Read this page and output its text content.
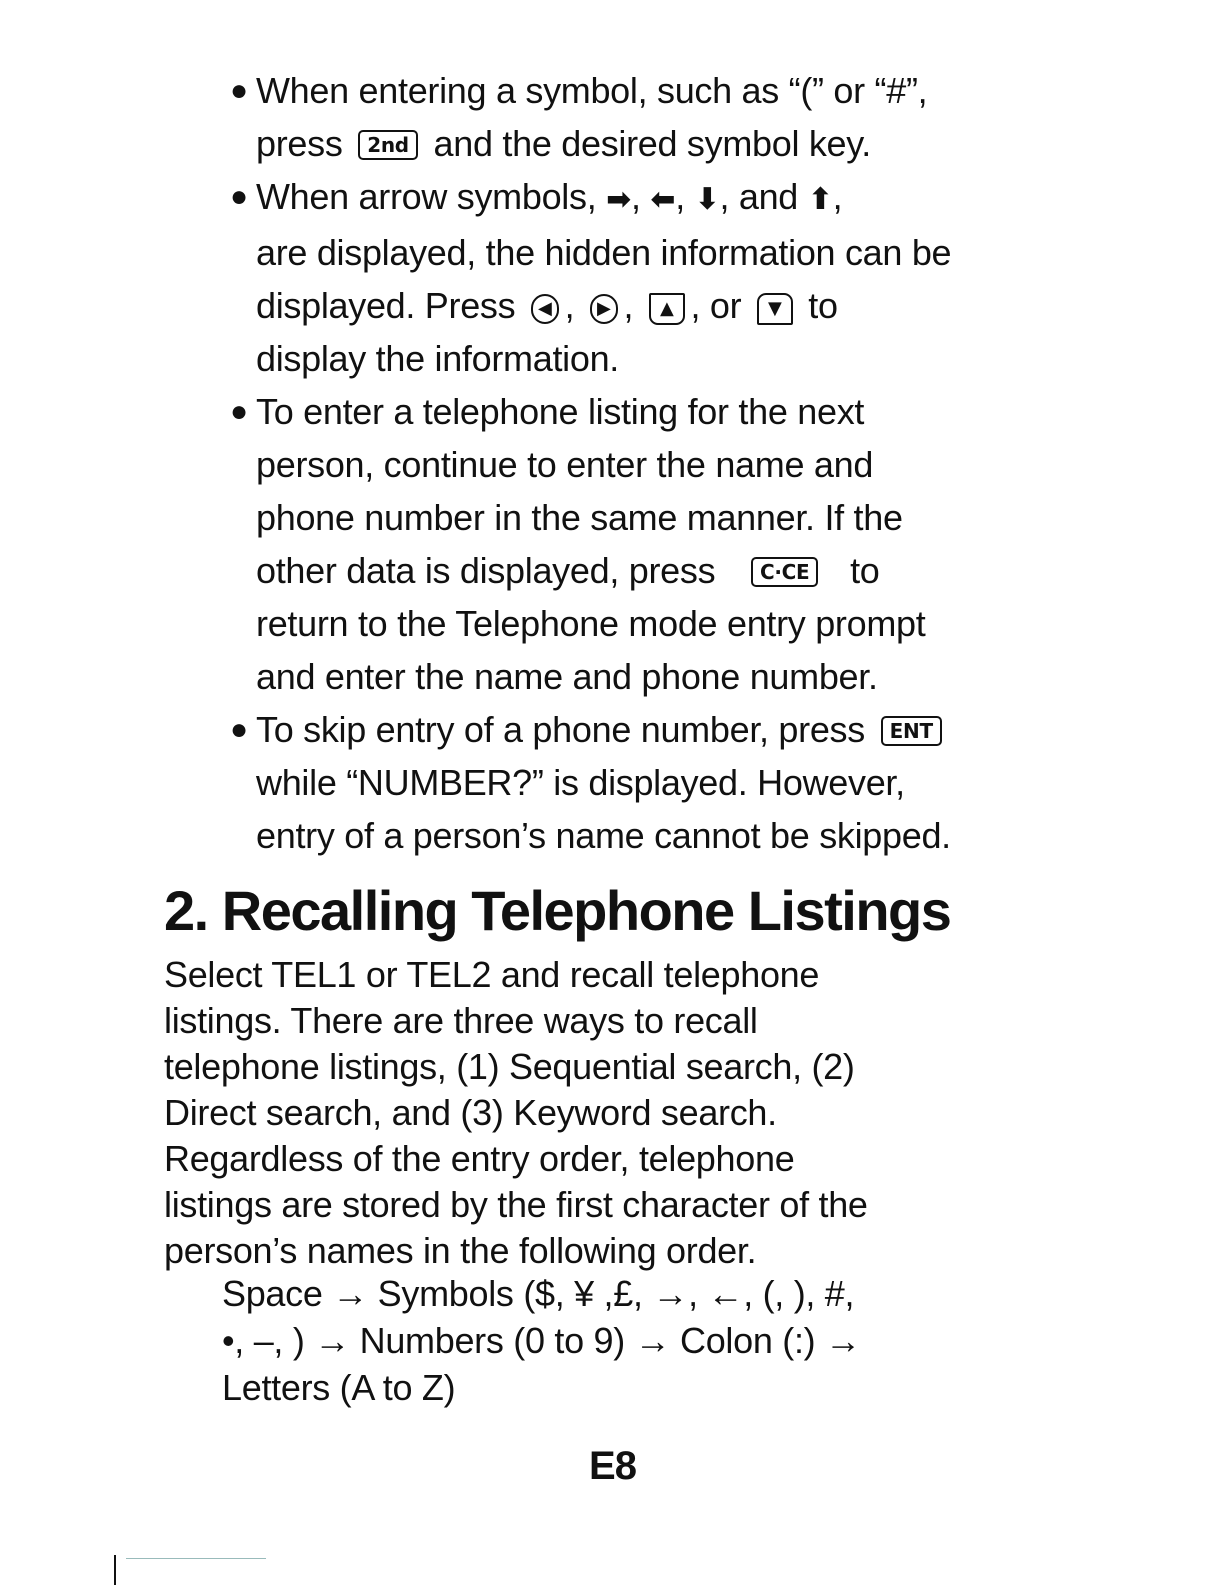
● When entering a symbol, such as “(” or “#”,
press 2nd and the desired symbol key.
● When arrow symbols, ➡, ⬅, ⬇, and ⬆,
are displayed, the hidden information can be
displayed. Press ◀ , ▶ , ▲ , or ▼ to
display the information.
● To enter a telephone listing for the next
person, continue to enter the name and
phone number in the same manner. If the
other data is displayed, press C·CE to
return to the Telephone mode entry prompt
and enter the name and phone number.
● To skip entry of a phone number, press ENT
while “NUMBER?” is displayed. However,
entry of a person’s name cannot be skipped.
2. Recalling Telephone Listings
Select TEL1 or TEL2 and recall telephone
listings. There are three ways to recall
telephone listings, (1) Sequential search, (2)
Direct search, and (3) Keyword search.
Regardless of the entry order, telephone
listings are stored by the first character of the
person’s names in the following order.
Space → Symbols ($, ¥ ,£, →, ←, (, ), #,
•, –, ) → Numbers (0 to 9) → Colon (:) →
Letters (A to Z)
E8
